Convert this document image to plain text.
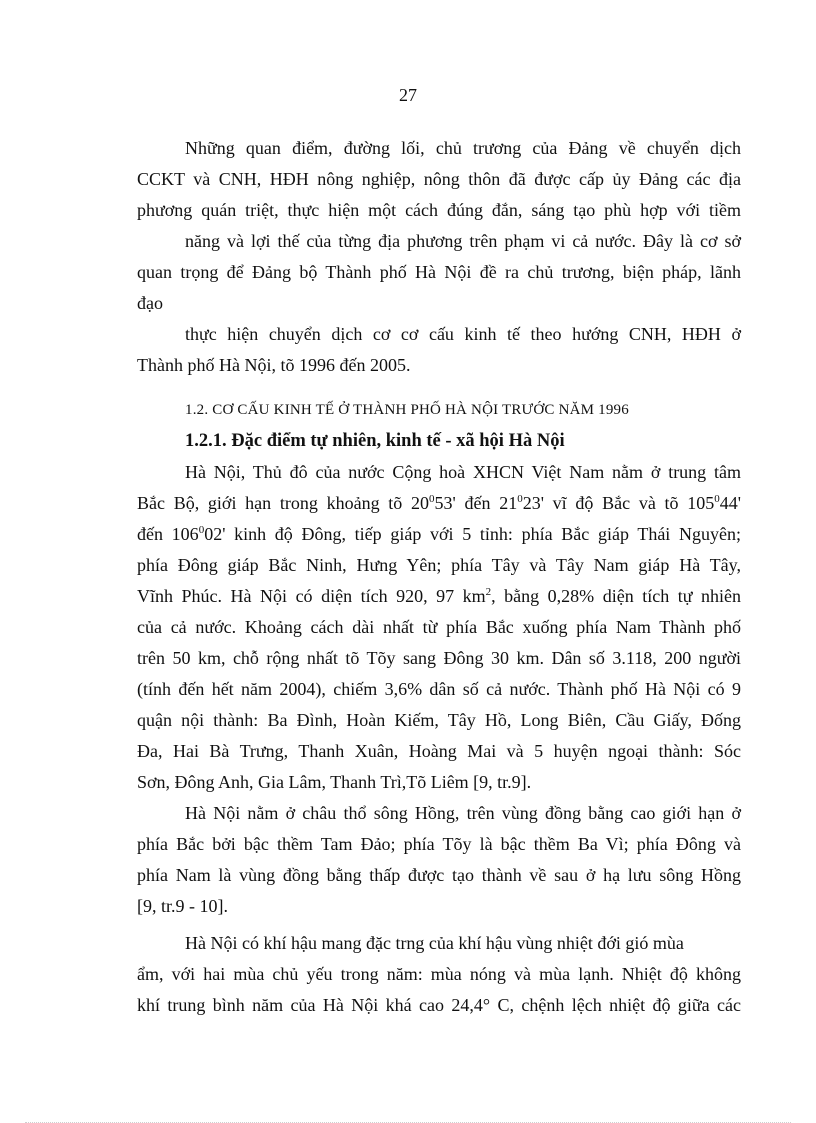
27
Những quan điểm, đường lối, chủ trương của Đảng về chuyển dịch
CCKT và CNH, HĐH nông nghiệp, nông thôn đã được cấp ủy Đảng các địa
phương quán triệt, thực hiện một cách đúng đắn, sáng tạo phù hợp với tiềm
năng và lợi thế của từng địa phương trên phạm vi cả nước. Đây là cơ sở
quan trọng để Đảng bộ Thành phố Hà Nội đề ra chủ trương, biện pháp, lãnh
đạo
thực hiện chuyển dịch cơ cơ cấu kinh tế theo hướng CNH, HĐH ở
Thành phố Hà Nội, tõ 1996 đến 2005.
1.2. CƠ CẤU KINH TẾ Ở THÀNH PHỐ HÀ NỘI TRƯỚC NĂM 1996
1.2.1. Đặc điểm tự nhiên, kinh tế - xã hội Hà Nội
Hà Nội, Thủ đô của nước Cộng hoà XHCN Việt Nam nằm ở trung tâm
Bắc Bộ, giới hạn trong khoảng tõ $20^053'$ đến $21^023'$ vĩ độ Bắc và tõ $105^044'$
đến $106^002'$ kinh độ Đông, tiếp giáp với 5 tỉnh: phía Bắc giáp Thái Nguyên;
phía Đông giáp Bắc Ninh, Hưng Yên; phía Tây và Tây Nam giáp Hà Tây,
Vĩnh Phúc. Hà Nội có diện tích 920, 97 $km^2$, bằng 0,28% diện tích tự nhiên
của cả nước. Khoảng cách dài nhất từ phía Bắc xuống phía Nam Thành phố
trên 50 km, chỗ rộng nhất tõ Tõy sang Đông 30 km. Dân số 3.118, 200 người
(tính đến hết năm 2004), chiếm 3,6% dân số cả nước. Thành phố Hà Nội có 9
quận nội thành: Ba Đình, Hoàn Kiếm, Tây Hồ, Long Biên, Cầu Giấy, Đống
Đa, Hai Bà Trưng, Thanh Xuân, Hoàng Mai và 5 huyện ngoại thành: Sóc
Sơn, Đông Anh, Gia Lâm, Thanh Trì,Tõ Liêm [9, tr.9].
Hà Nội nằm ở châu thổ sông Hồng, trên vùng đồng bằng cao giới hạn ở
phía Bắc bởi bậc thềm Tam Đảo; phía Tõy là bậc thềm Ba Vì; phía Đông và
phía Nam là vùng đồng bằng thấp được tạo thành về sau ở hạ lưu sông Hồng
[9, tr.9 - 10].
Hà Nội có khí hậu mang đặc trng của khí hậu vùng nhiệt đới gió mùa
ẩm, với hai mùa chủ yếu trong năm: mùa nóng và mùa lạnh. Nhiệt độ không
khí trung bình năm của Hà Nội khá cao 24,4° C, chệnh lệch nhiệt độ giữa các
